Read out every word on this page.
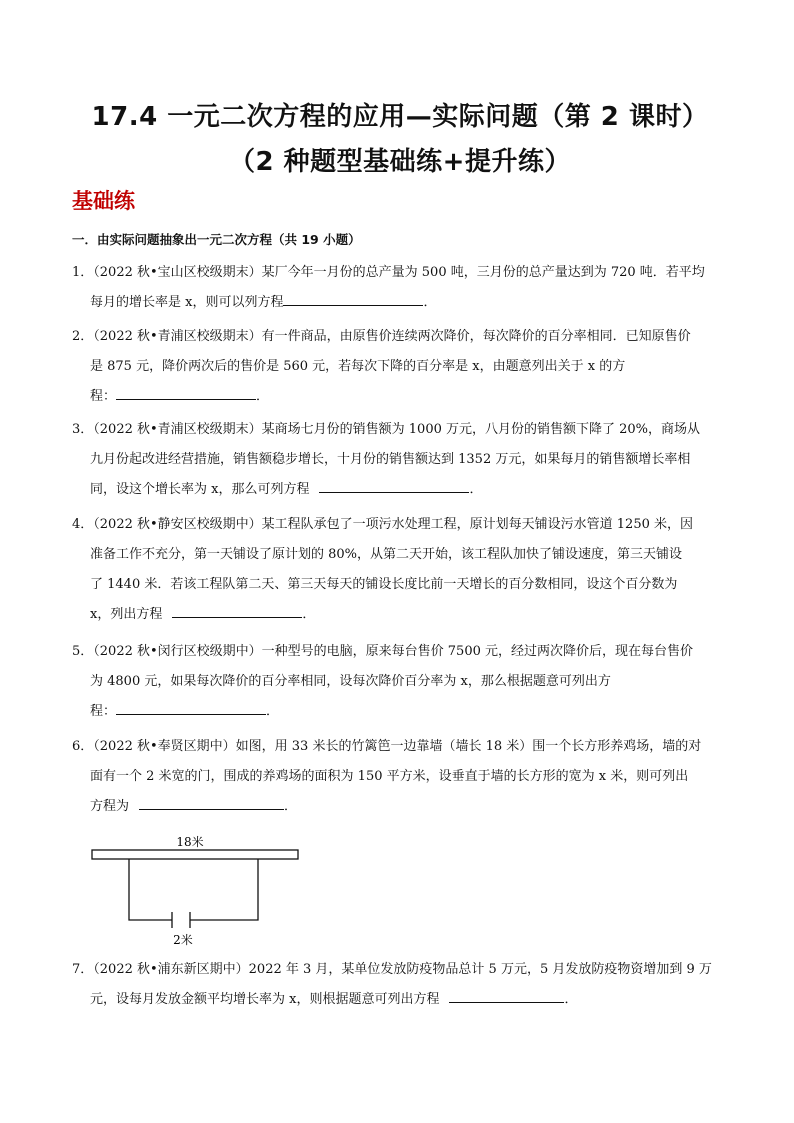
17.4 一元二次方程的应用—实际问题（第 2 课时）
（2 种题型基础练+提升练）
基础练
一．由实际问题抽象出一元二次方程（共 19 小题）
1．（2022 秋•宝山区校级期末）某厂今年一月份的总产量为 500 吨，三月份的总产量达到为 720 吨．若平均
每月的增长率是 x，则可以列方程	．
2．（2022 秋•青浦区校级期末）有一件商品，由原售价连续两次降价，每次降价的百分率相同．已知原售价
是 875 元，降价两次后的售价是 560 元，若每次下降的百分率是 x，由题意列出关于 x 的方
程：	．
3．（2022 秋•青浦区校级期末）某商场七月份的销售额为 1000 万元，八月份的销售额下降了 20%，商场从
九月份起改进经营措施，销售额稳步增长，十月份的销售额达到 1352 万元，如果每月的销售额增长率相
同，设这个增长率为 x，那么可列方程	．
4．（2022 秋•静安区校级期中）某工程队承包了一项污水处理工程，原计划每天铺设污水管道 1250 米，因
准备工作不充分，第一天铺设了原计划的 80%，从第二天开始，该工程队加快了铺设速度，第三天铺设
了 1440 米．若该工程队第二天、第三天每天的铺设长度比前一天增长的百分数相同，设这个百分数为
x，列出方程	．
5．（2022 秋•闵行区校级期中）一种型号的电脑，原来每台售价 7500 元，经过两次降价后，现在每台售价
为 4800 元，如果每次降价的百分率相同，设每次降价百分率为 x，那么根据题意可列出方
程：	．
6．（2022 秋•奉贤区期中）如图，用 33 米长的竹篱笆一边靠墙（墙长 18 米）围一个长方形养鸡场，墙的对
面有一个 2 米宽的门，围成的养鸡场的面积为 150 平方米，设垂直于墙的长方形的宽为 x 米，则可列出
方程为	．
18米
2米
7．（2022 秋•浦东新区期中）2022 年 3 月，某单位发放防疫物品总计 5 万元，5 月发放防疫物资增加到 9 万
元，设每月发放金额平均增长率为 x，则根据题意可列出方程	．
